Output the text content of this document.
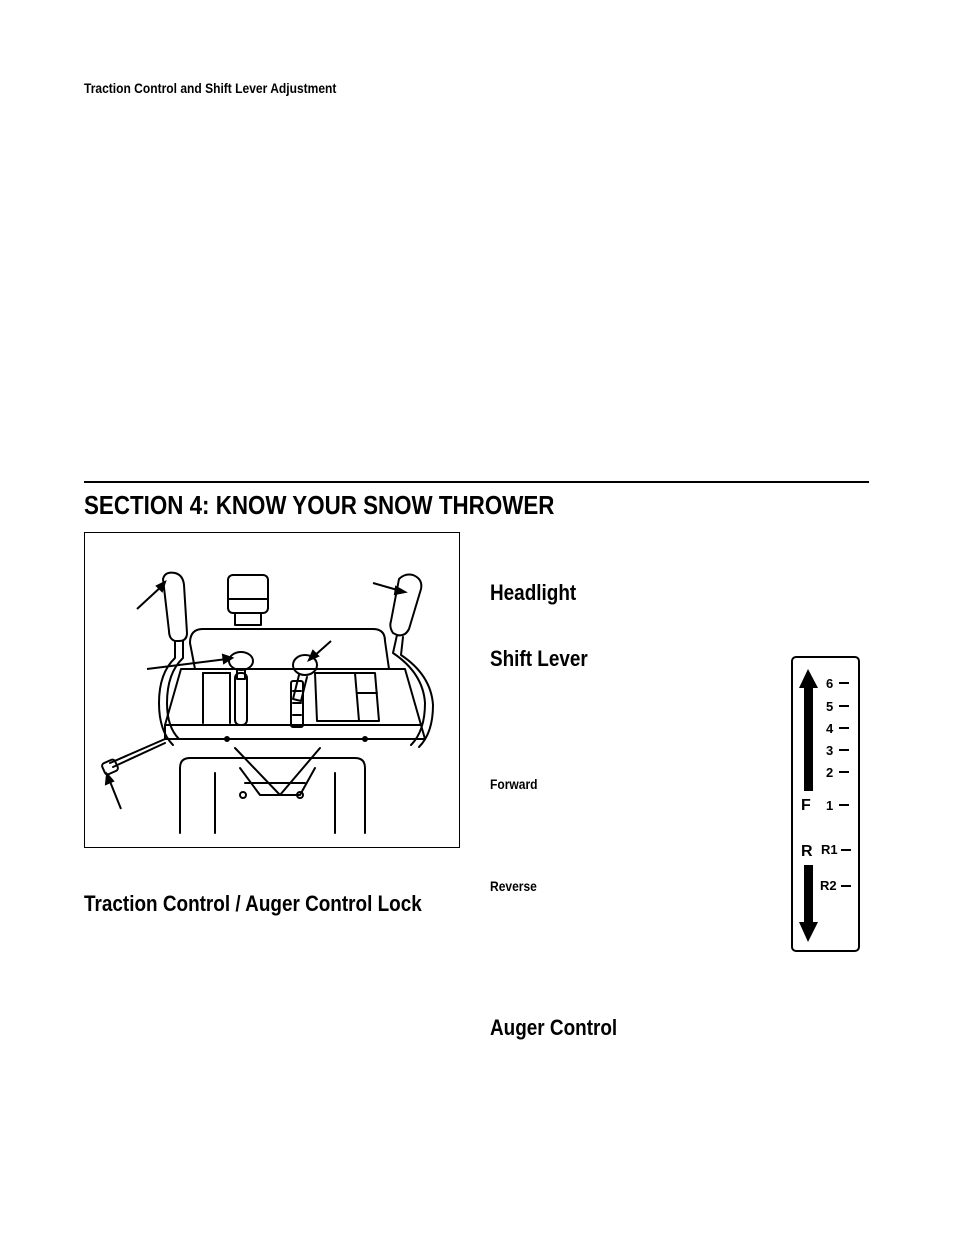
Traction Control and Shift Lever Adjustment
SECTION 4: KNOW YOUR SNOW THROWER
Headlight
Shift Lever
Forward
Reverse
Traction Control / Auger Control Lock
Auger Control
F
R
6
5
4
3
2
1
R1
R2
